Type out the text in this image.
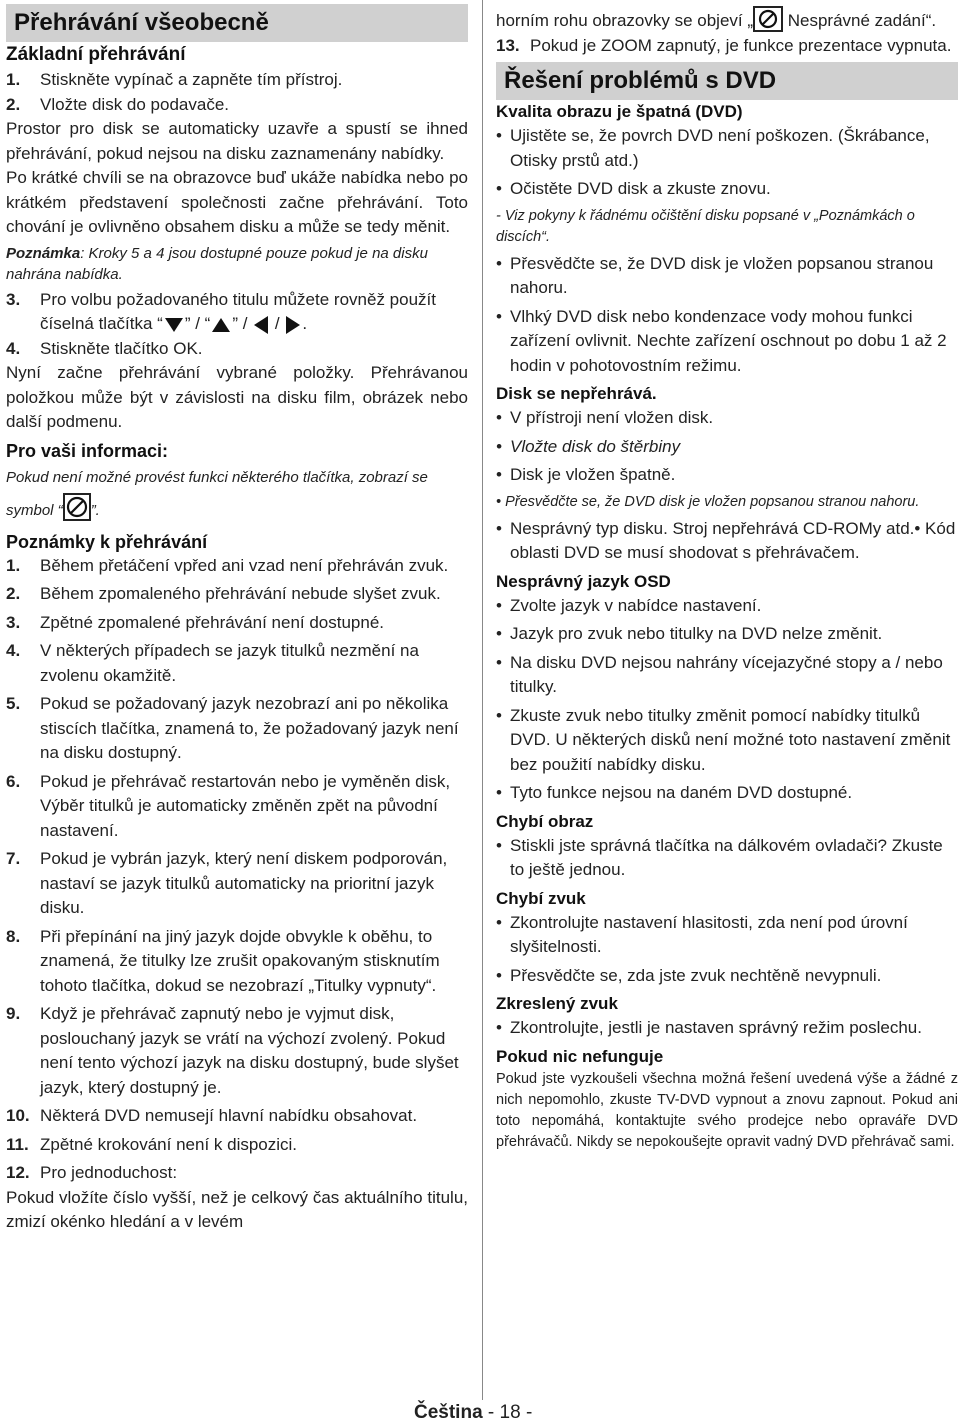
Přehrávání všeobecně
Základní přehrávání
1.	Stiskněte vypínač a zapněte tím přístroj.
2.	Vložte disk do podavače.

Prostor pro disk se automaticky uzavře a spustí se ihned přehrávání, pokud nejsou na disku zaznamenány nabídky.

Po krátké chvíli se na obrazovce buď ukáže nabídka nebo po krátkém představení společnosti začne přehrávání. Toto chování je ovlivněno obsahem disku a může se tedy měnit.

Poznámka: Kroky 5 a 4 jsou dostupné pouze pokud je na disku nahrána nabídka.
3.	Pro volbu požadovaného titulu můžete rovněž použít číselná tlačítka “ ” / “ ” /  / .
4.	Stiskněte tlačítko OK.

Nyní začne přehrávání vybrané položky. Přehrávanou položkou může být v závislosti na disku film, obrázek nebo další podmenu.

Pro vaši informaci:
Pokud není možné provést funkci některého tlačítka, zobrazí se symbol “ ”.
Poznámky k přehrávání
1.	Během přetáčení vpřed ani vzad není přehráván zvuk.
2.	Během zpomaleného přehrávání nebude slyšet zvuk.
3.	Zpětné zpomalené přehrávání není dostupné.
4.	V některých případech se jazyk titulků nezmění na zvolenu okamžitě.
5.	Pokud se požadovaný jazyk nezobrazí ani po několika stiscích tlačítka, znamená to, že požadovaný jazyk není na disku dostupný.
6.	Pokud je přehrávač restartován nebo je vyměněn disk, Výběr titulků je automaticky změněn zpět na původní nastavení.
7.	Pokud je vybrán jazyk, který není diskem podporován, nastaví se jazyk titulků automaticky na prioritní jazyk disku.
8.	Při přepínání na jiný jazyk dojde obvykle k oběhu, to znamená, že titulky lze zrušit opakovaným stisknutím tohoto tlačítka, dokud se nezobrazí „Titulky vypnuty“.
9.	Když je přehrávač zapnutý nebo je vyjmut disk, poslouchaný jazyk se vrátí na výchozí zvolený. Pokud není tento výchozí jazyk na disku dostupný, bude slyšet jazyk, který dostupný je.
10. Některá DVD nemusejí hlavní nabídku obsahovat.
11. Zpětné krokování není k dispozici.
12. Pro jednoduchost:

Pokud vložíte číslo vyšší, než je celkový čas aktuálního titulu, zmizí okénko hledání a v levém

horním rohu obrazovky se objeví „ Nesprávné zadání“.

13. Pokud je ZOOM zapnutý, je funkce prezentace vypnuta.
Řešení problémů s DVD
Kvalita obrazu je špatná (DVD)
• Ujistěte se, že povrch DVD není poškozen. (Škrábance, Otisky prstů atd.)
• Očistěte DVD disk a zkuste znovu.
- Viz pokyny k řádnému očištění disku popsané v „Poznámkách o discích“.
• Přesvědčte se, že DVD disk je vložen popsanou stranou nahoru.
• Vlhký DVD disk nebo kondenzace vody mohou funkci zařízení ovlivnit. Nechte zařízení oschnout po dobu 1 až 2 hodin v pohotovostním režimu.
Disk se nepřehrává.
• V přístroji není vložen disk.
• Vložte disk do štěrbiny
• Disk je vložen špatně.
• Přesvědčte se, že DVD disk je vložen popsanou stranou nahoru.
• Nesprávný typ disku. Stroj nepřehrává CD-ROMy atd.• Kód oblasti DVD se musí shodovat s přehrávačem.
Nesprávný jazyk OSD
• Zvolte jazyk v nabídce nastavení.
• Jazyk pro zvuk nebo titulky na DVD nelze změnit.
• Na disku DVD nejsou nahrány vícejazyčné stopy a / nebo titulky.
• Zkuste zvuk nebo titulky změnit pomocí nabídky titulků DVD. U některých disků není možné toto nastavení změnit bez použití nabídky disku.
• Tyto funkce nejsou na daném DVD dostupné.
Chybí obraz
• Stiskli jste správná tlačítka na dálkovém ovladači? Zkuste to ještě jednou.
Chybí zvuk
• Zkontrolujte nastavení hlasitosti, zda není pod úrovní slyšitelnosti.
• Přesvědčte se, zda jste zvuk nechtěně nevypnuli.
Zkreslený zvuk
• Zkontrolujte, jestli je nastaven správný režim poslechu.
Pokud nic nefunguje
Pokud jste vyzkoušeli všechna možná řešení uvedená výše a žádné z nich nepomohlo, zkuste TV-DVD vypnout a znovu zapnout. Pokud ani toto nepomáhá, kontaktujte svého prodejce nebo opraváře DVD přehrávačů. Nikdy se nepokoušejte opravit vadný DVD přehrávač sami.
Čeština - 18 -
